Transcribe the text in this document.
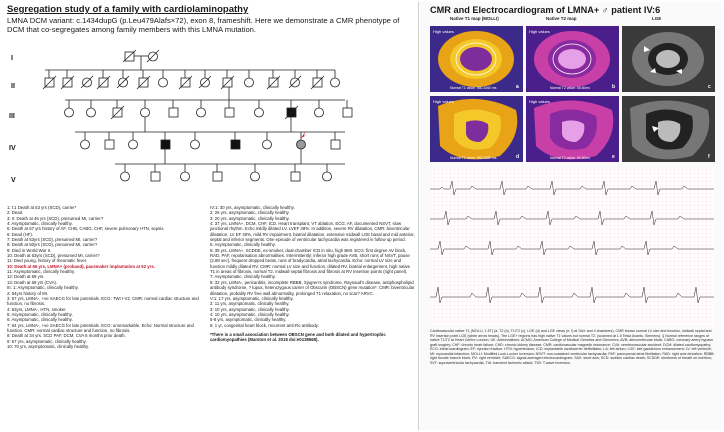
Segregation study of a family with cardiolaminopathy
LMNA DCM variant: c.1434dupG (p.Leu479Alafs×72), exon 8, frameshift. Here we demonstrate a CMR phenotype of DCM that co-segregates among family members with this LMNA mutation.
I
II
III
IV
V
1: I:1 Death at 53 yrs (SCD), carrier*
2: Dead.
3: II: Death at 46 yrs (SCD), presumed MI, carrier?
4: Asymptomatic, clinically healthy.
5: Death at 67 yrs history of AF, CHB, CABG, CHF, severe pulmonary HTN, sepsis.
6: Dead (HF).
7: Death at 53yrs (SCD), presumed MI, carrier?
8: Death at 50yrs (SCD), presumed MI, carrier?
9: Died in World War II.
10: Death at 53yrs (SCD), presumed MI, carrier?
11: Died young, history of rheumatic fever.
10: Death at 66 yrs, LMNA+ (proband), pacemaker implantation at 52 yrs.
11: Asymptomatic, clinically healthy.
12: Death at 69 yrs.
13: Death at 68 yrs (CVA).
III: 1: Asymptomatic, clinically healthy.
2: 54yrs history of MI.
3: 57 yrs, LMNA-, +ve SAECG for late potentials. ECG: TWI I-V2. CMR: normal cardiac structure and function, no fibrosis.
4: 53yrs, LMNA-, HTN, smoker.
5: Asymptomatic, clinically healthy.
6: Asymptomatic, clinically healthy.
7: 64 yrs, LMNA-, +ve SAECG for late potentials. ECG: unremarkable. Echo: Normal structure and function. CMR: normal cardiac structure and function, no fibrosis.
8: Death at 34 yrs. SCD PAF, DCM, CVA 6 months prior death.
9: 67 yrs, asymptomatic, clinically healthy.
10: 70 yrs, asymptomatic, clinically healthy.
IV:1: 30 yrs, asymptomatic, clinically healthy.
2: 26 yrs, asymptomatic, clinically healthy.
3: 20 yrs, asymptomatic, clinically healthy.
4: 37 yrs, LMNA+, DCM, CHF, ICD. Heart transplant, VT ablation, ECG: AF, documented NSVT, slow junctional rhythm. Echo mildly dilated LV, LVEF 38%. In addition, severe RV dilatation, CMR: biventricular dilatation, LV EF 40%, mild RV impairment, biatrial dilatation, extensive midwall LGE basal and mid anterior, septal and inferior segments. One episode of ventricular tachycardia was registered in follow up period.
5: Asymptomatic, clinically healthy.
6: 35 yrs, LMNA+, SCDDE, ex-smoker, dual-chamber ICD in situ, high BMI. ECG: first degree AV block, RAD, PAF, repolarisation abnormalities. Intermittently: inferior high grade AVB, short runs of NSVT, pause (2.88 sec), frequent dropped beats, runs of bradycardia, atrial tachycardia. Echo: normal LV size and function mildly dilated RV. CMR: normal LV size and function, dilated RV, biatrial enlargement, high native T1 in areas of fibrosis, normal T2, midwall septal fibrosis and fibrosis at RV insertion points (right panel).
7: Asymptomatic, clinically healthy.
8: 32 yrs, LMNA-, pericarditis, incomplete RBBB, Sjogren's syndrome, Raynaud's disease, antiphospholipid antibody syndrome, ? lupus, heterozygous carrier of Obscurin (OBSCN) gene mutation*. CMR: biventricular dilatation, probably RV free wall abnormality, prolonged T1 relaxation, no scar? ARVC.
V:1: 17 yrs, asymptomatic, clinically healthy.
2: 11 yrs, asymptomatic, clinically healthy.
3: 10 yrs, asymptomatic, clinically healthy.
4: 10 yrs, asymptomatic, clinically healthy.
5-8 yrs, asymptomatic, clinically healthy.
6: 1 yr, congenital heart block, recurrent anti-Ro antibody.
*There is a small association between OBSCN gene and both dilated and hypertrophic cardiomyopathies (Marston et al. 2015 doi:e0138568).
CMR and Electrocardiogram of LMNA+ ♂ patient IV:6
Native T1 map (MOLLI)	Native T2 map	LGE
High values
a
Normal T1 value: 950-1060 ms
High values
b
Normal T2 value: 45-60ms	c
High values
d
Normal T1 value: 950-1060 ms
High values
e
Normal T2 value: 45-60ms	f
Cardiovascular native T1 (MOLLI, 1.5T) (a, T2 (b), T1/T2 (c), LGE (d) and LGE views (e, f) at SAX and 4 chambers). CMR shows normal LV size and function, midwall septal and RV insertion point LGE (white arrow heads). The LGE+ regions has high native T1 values but normal T2. (scanned at 1.5 Tesla Avanto, Siemens). § Normal reference ranges of native T1/T2 at Heart Centre London, UK. Abbreviations: ACMG: American College of Medical Genetics and Genomics; AVB: atrioventricular block; CABG: coronary artery bypass graft surgery; CHF: chronic heart failure; CHD: chronic kidney disease; CMR: cardiovascular magnetic resonance; CVA: cerebrovascular accident; DCM: dilated cardiomyopathy; ECG: electrocardiogram; EF: ejection fraction; HTN: hypertension; ICD: implantable cardioverter defibrillator; LA: left atrium; LGE: late gadolinium enhancement; LV: left ventricle; MI: myocardial infarction; MOLLI: Modified Look-Locker Inversion; NSVT: non-sustained ventricular tachycardia; PAF: paroxysmal atrial fibrillation; RAD: right axis deviation; RBBB: right bundle branch block; RV: right ventricle; SAECG: signal-averaged electrocardiogram; SAX: short axis; SCD: sudden cardiac death; SCDDE: shortness of breath on exertion; SVT: supraventricular tachycardia; TIA: transient ischemic attack; TWI: T-wave inversion.
